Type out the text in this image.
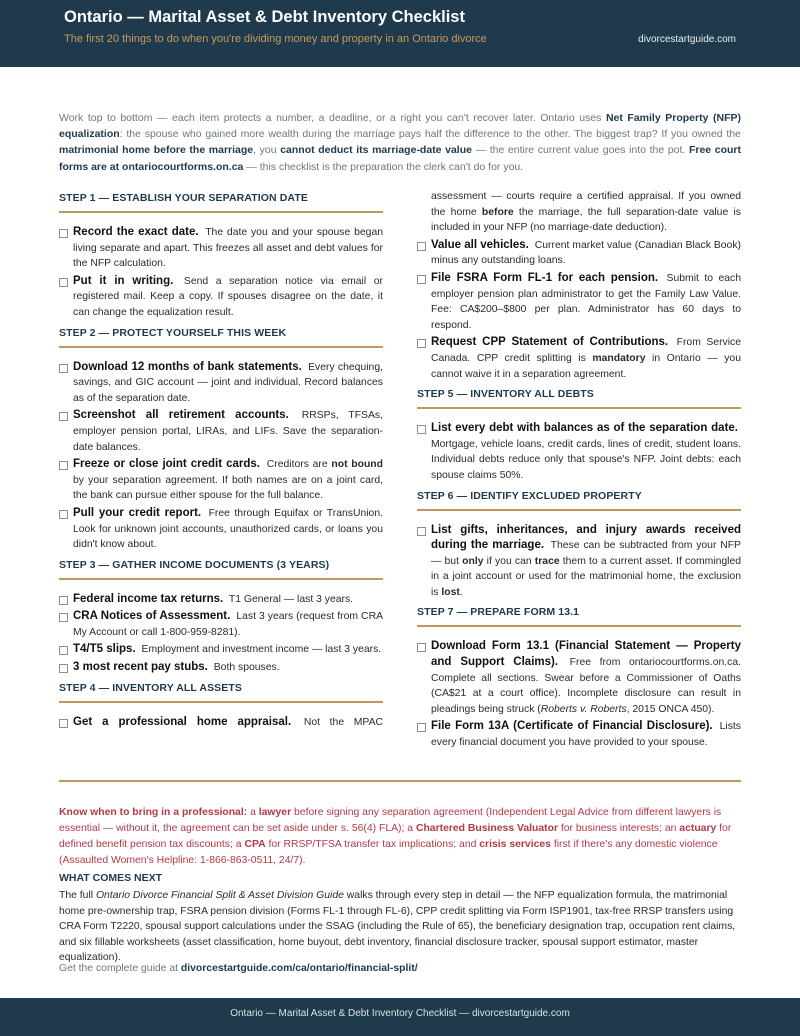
Ontario — Marital Asset & Debt Inventory Checklist
The first 20 things to do when you're dividing money and property in an Ontario divorce	divorcestartguide.com
Work top to bottom — each item protects a number, a deadline, or a right you can't recover later. Ontario uses Net Family Property (NFP) equalization: the spouse who gained more wealth during the marriage pays half the difference to the other. The biggest trap? If you owned the matrimonial home before the marriage, you cannot deduct its marriage-date value — the entire current value goes into the pot. Free court forms are at ontariocourtforms.on.ca — this checklist is the preparation the clerk can't do for you.
STEP 1 — ESTABLISH YOUR SEPARATION DATE
Record the exact date. The date you and your spouse began living separate and apart. This freezes all asset and debt values for the NFP calculation.
Put it in writing. Send a separation notice via email or registered mail. Keep a copy. If spouses disagree on the date, it can change the equalization result.
STEP 2 — PROTECT YOURSELF THIS WEEK
Download 12 months of bank statements. Every chequing, savings, and GIC account — joint and individual. Record balances as of the separation date.
Screenshot all retirement accounts. RRSPs, TFSAs, employer pension portal, LIRAs, and LIFs. Save the separation-date balances.
Freeze or close joint credit cards. Creditors are not bound by your separation agreement. If both names are on a joint card, the bank can pursue either spouse for the full balance.
Pull your credit report. Free through Equifax or TransUnion. Look for unknown joint accounts, unauthorized cards, or loans you didn't know about.
STEP 3 — GATHER INCOME DOCUMENTS (3 YEARS)
Federal income tax returns. T1 General — last 3 years.
CRA Notices of Assessment. Last 3 years (request from CRA My Account or call 1-800-959-8281).
T4/T5 slips. Employment and investment income — last 3 years.
3 most recent pay stubs. Both spouses.
STEP 4 — INVENTORY ALL ASSETS
Get a professional home appraisal. Not the MPAC
assessment — courts require a certified appraisal. If you owned the home before the marriage, the full separation-date value is included in your NFP (no marriage-date deduction).
Value all vehicles. Current market value (Canadian Black Book) minus any outstanding loans.
File FSRA Form FL-1 for each pension. Submit to each employer pension plan administrator to get the Family Law Value. Fee: CA$200–$800 per plan. Administrator has 60 days to respond.
Request CPP Statement of Contributions. From Service Canada. CPP credit splitting is mandatory in Ontario — you cannot waive it in a separation agreement.
STEP 5 — INVENTORY ALL DEBTS
List every debt with balances as of the separation date. Mortgage, vehicle loans, credit cards, lines of credit, student loans. Individual debts reduce only that spouse's NFP. Joint debts: each spouse claims 50%.
STEP 6 — IDENTIFY EXCLUDED PROPERTY
List gifts, inheritances, and injury awards received during the marriage. These can be subtracted from your NFP — but only if you can trace them to a current asset. If commingled in a joint account or used for the matrimonial home, the exclusion is lost.
STEP 7 — PREPARE FORM 13.1
Download Form 13.1 (Financial Statement — Property and Support Claims). Free from ontariocourtforms.on.ca. Complete all sections. Swear before a Commissioner of Oaths (CA$21 at a court office). Incomplete disclosure can result in pleadings being struck (Roberts v. Roberts, 2015 ONCA 450).
File Form 13A (Certificate of Financial Disclosure). Lists every financial document you have provided to your spouse.
Know when to bring in a professional: a lawyer before signing any separation agreement (Independent Legal Advice from different lawyers is essential — without it, the agreement can be set aside under s. 56(4) FLA); a Chartered Business Valuator for business interests; an actuary for defined benefit pension tax discounts; a CPA for RRSP/TFSA transfer tax implications; and crisis services first if there's any domestic violence (Assaulted Women's Helpline: 1-866-863-0511, 24/7).
WHAT COMES NEXT
The full Ontario Divorce Financial Split & Asset Division Guide walks through every step in detail — the NFP equalization formula, the matrimonial home pre-ownership trap, FSRA pension division (Forms FL-1 through FL-6), CPP credit splitting via Form ISP1901, tax-free RRSP transfers using CRA Form T2220, spousal support calculations under the SSAG (including the Rule of 65), the beneficiary designation trap, occupation rent claims, and six fillable worksheets (asset classification, home buyout, debt inventory, financial disclosure tracker, spousal support estimator, master equalization).
Get the complete guide at divorcestartguide.com/ca/ontario/financial-split/
Ontario — Marital Asset & Debt Inventory Checklist — divorcestartguide.com
